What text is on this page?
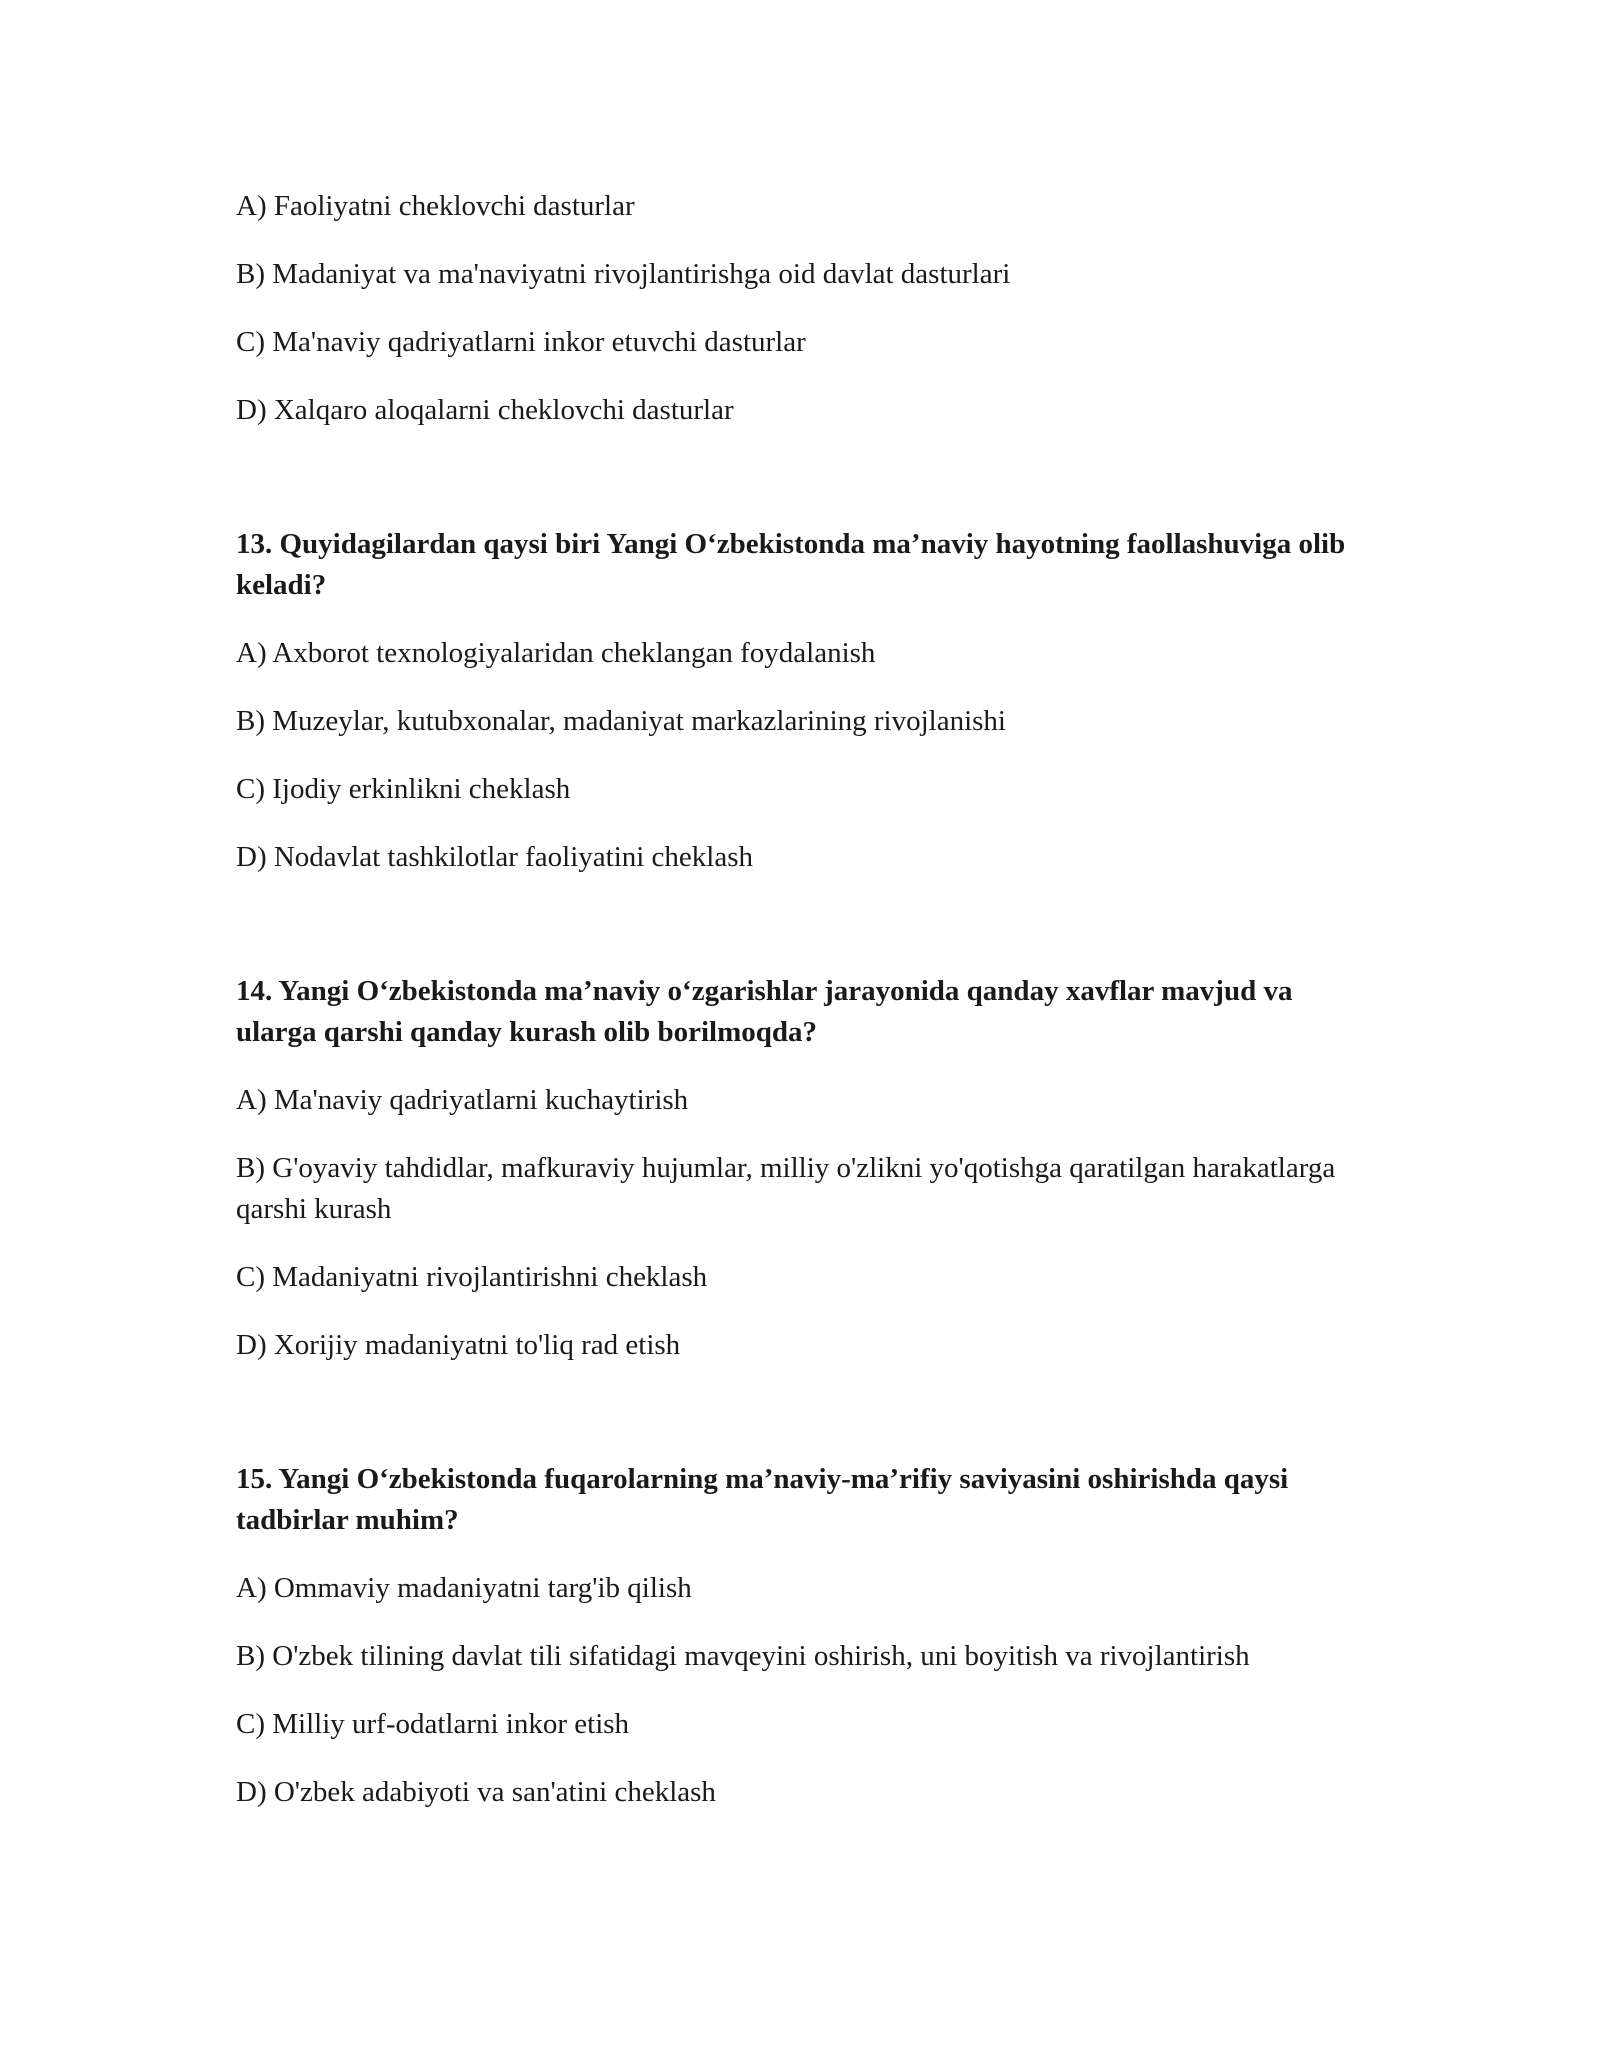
A) Faoliyatni cheklovchi dasturlar

B) Madaniyat va ma'naviyatni rivojlantirishga oid davlat dasturlari

C) Ma'naviy qadriyatlarni inkor etuvchi dasturlar

D) Xalqaro aloqalarni cheklovchi dasturlar

13. Quyidagilardan qaysi biri Yangi O‘zbekistonda ma’naviy hayotning faollashuviga olib keladi?

A) Axborot texnologiyalaridan cheklangan foydalanish

B) Muzeylar, kutubxonalar, madaniyat markazlarining rivojlanishi

C) Ijodiy erkinlikni cheklash

D) Nodavlat tashkilotlar faoliyatini cheklash

14. Yangi O‘zbekistonda ma’naviy o‘zgarishlar jarayonida qanday xavflar mavjud va ularga qarshi qanday kurash olib borilmoqda?

A) Ma'naviy qadriyatlarni kuchaytirish

B) G'oyaviy tahdidlar, mafkuraviy hujumlar, milliy o'zlikni yo'qotishga qaratilgan harakatlarga qarshi kurash

C) Madaniyatni rivojlantirishni cheklash

D) Xorijiy madaniyatni to'liq rad etish

15. Yangi O‘zbekistonda fuqarolarning ma’naviy-ma’rifiy saviyasini oshirishda qaysi tadbirlar muhim?

A) Ommaviy madaniyatni targ'ib qilish

B) O'zbek tilining davlat tili sifatidagi mavqeyini oshirish, uni boyitish va rivojlantirish

C) Milliy urf-odatlarni inkor etish

D) O'zbek adabiyoti va san'atini cheklash
